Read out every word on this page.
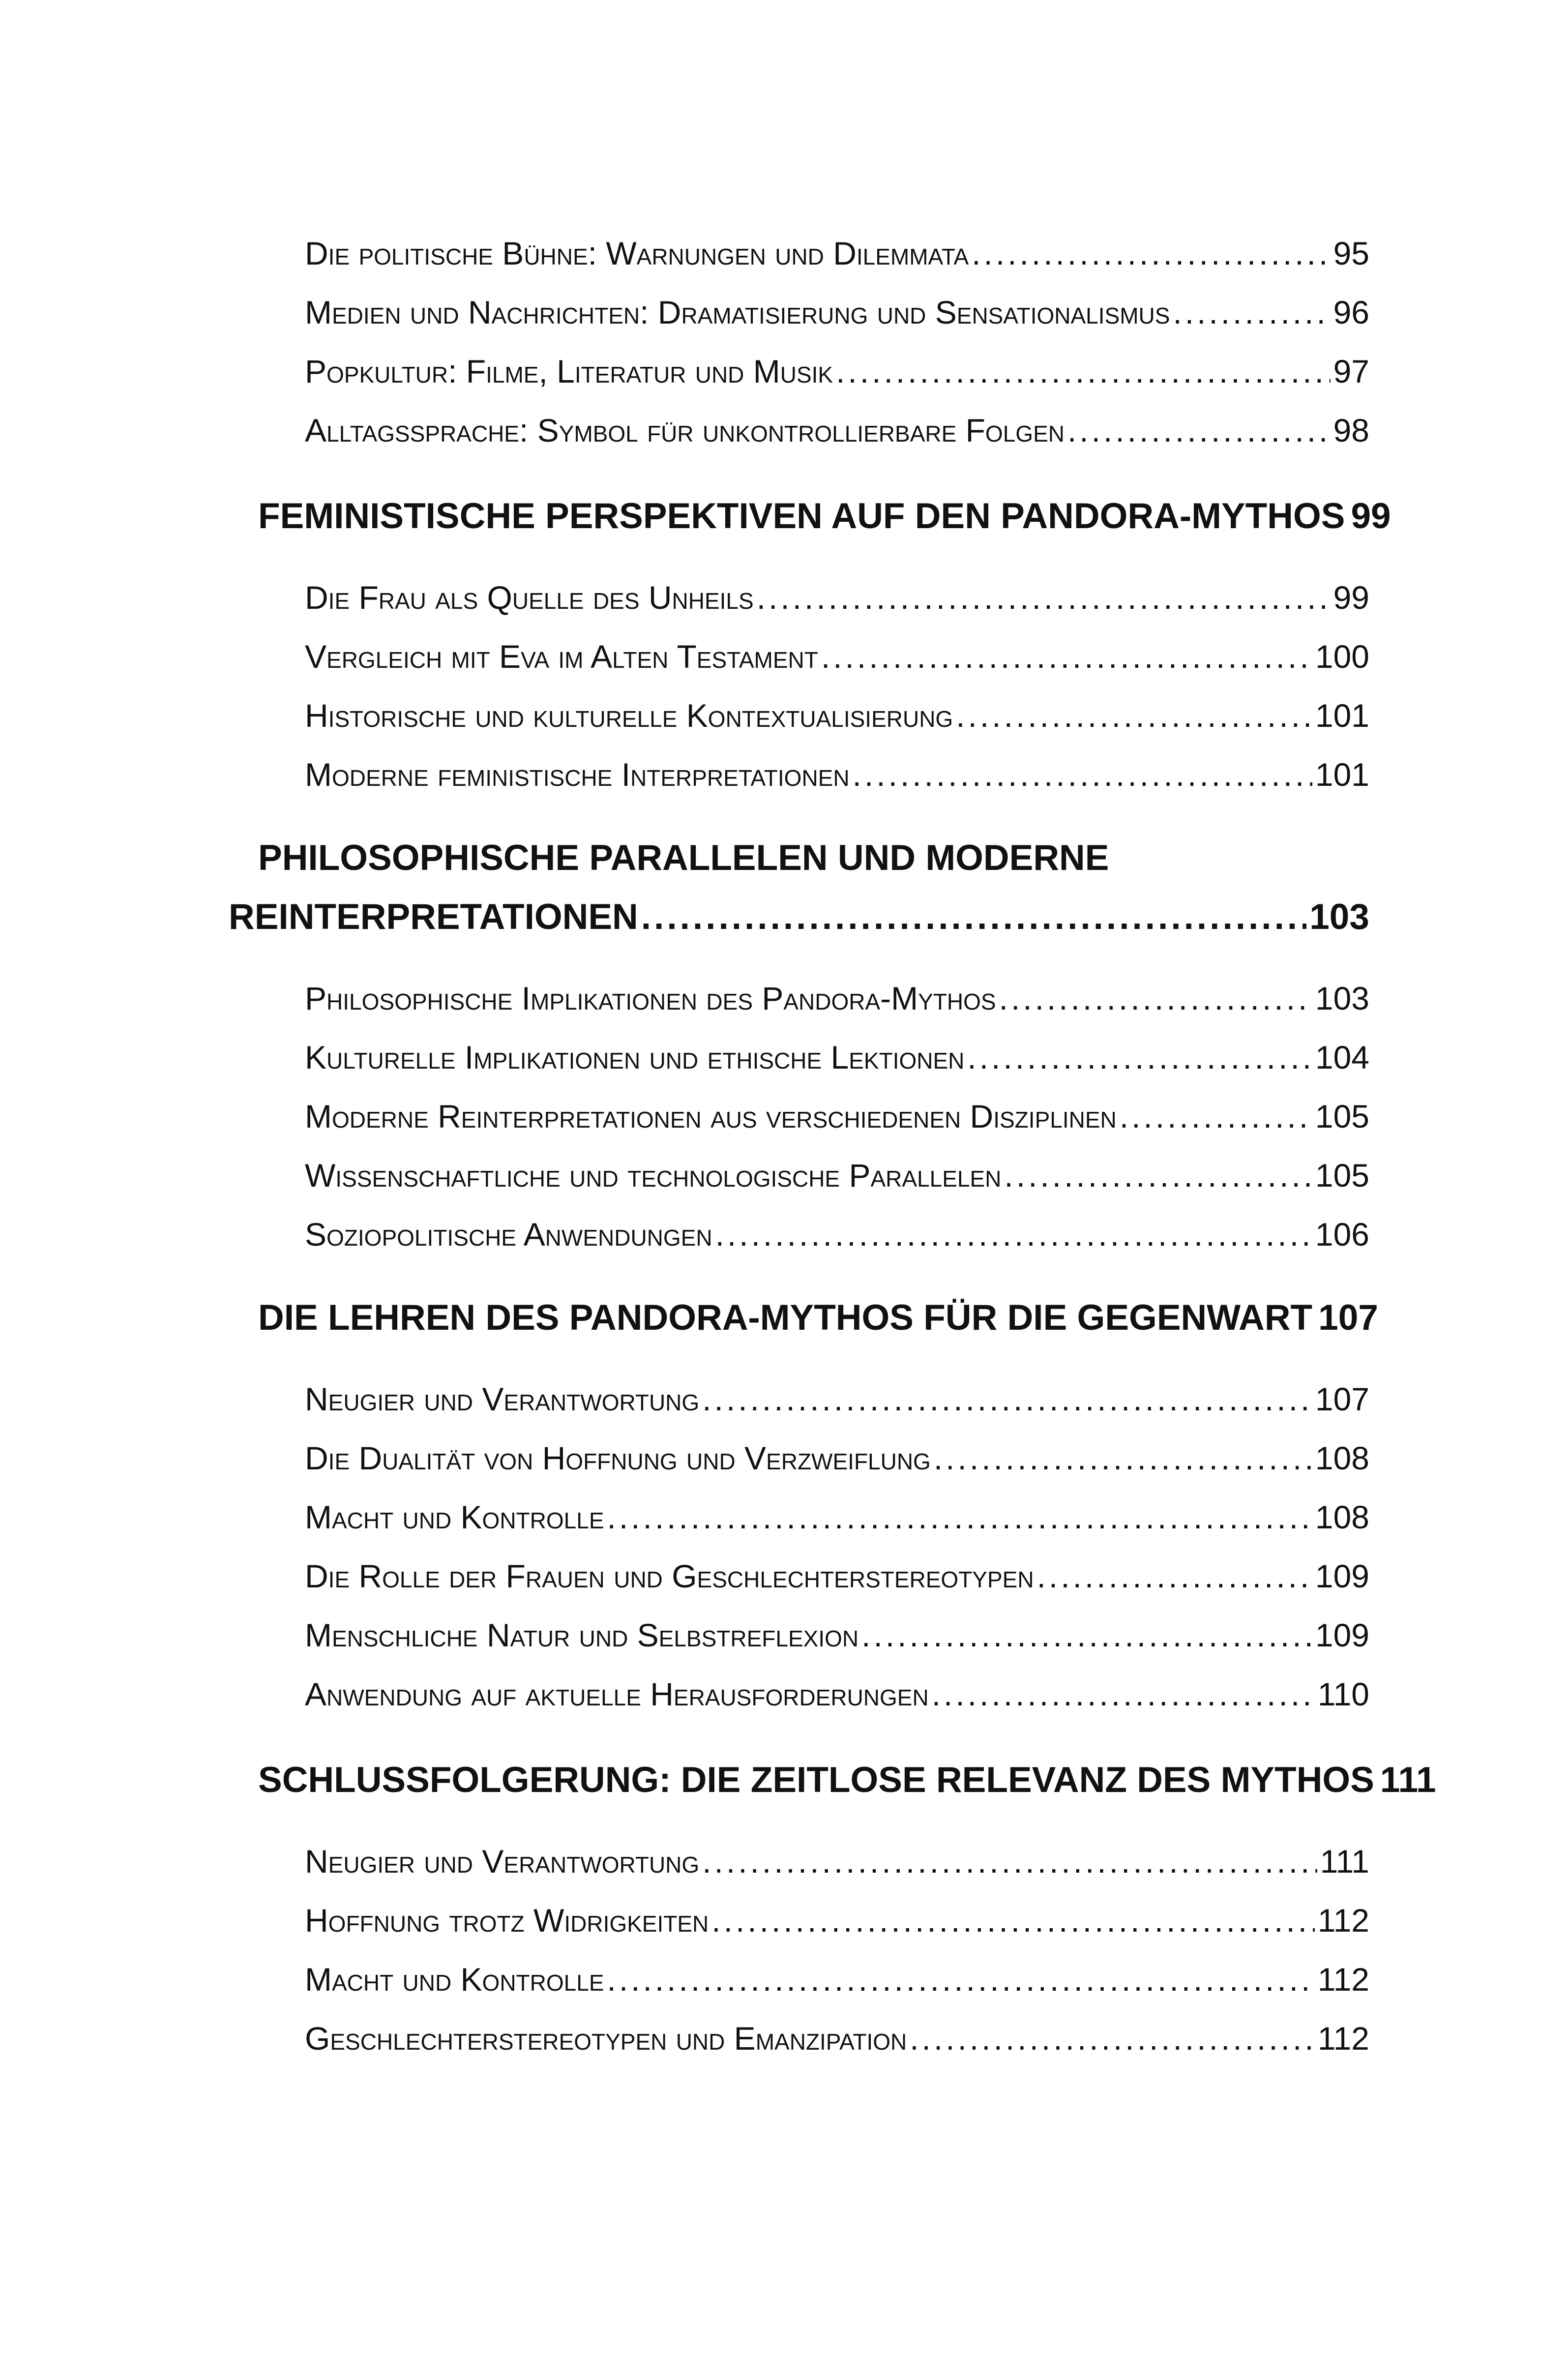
Die politische Bühne: Warnungen und Dilemmata .....	95
Medien und Nachrichten: Dramatisierung und Sensationalismus .....	96
Popkultur: Filme, Literatur und Musik .....	97
Alltagssprache: Symbol für unkontrollierbare Folgen .....	98
FEMINISTISCHE PERSPEKTIVEN AUF DEN PANDORA-MYTHOS 99
Die Frau als Quelle des Unheils .....	99
Vergleich mit Eva im Alten Testament .....	100
Historische und kulturelle Kontextualisierung .....	101
Moderne feministische Interpretationen .....	101
PHILOSOPHISCHE PARALLELEN UND MODERNE
REINTERPRETATIONEN .....	103
Philosophische Implikationen des Pandora-Mythos .....	103
Kulturelle Implikationen und ethische Lektionen .....	104
Moderne Reinterpretationen aus verschiedenen Disziplinen .....	105
Wissenschaftliche und technologische Parallelen .....	105
Soziopolitische Anwendungen .....	106
DIE LEHREN DES PANDORA-MYTHOS FÜR DIE GEGENWART 107
Neugier und Verantwortung .....	107
Die Dualität von Hoffnung und Verzweiflung .....	108
Macht und Kontrolle .....	108
Die Rolle der Frauen und Geschlechterstereotypen .....	109
Menschliche Natur und Selbstreflexion .....	109
Anwendung auf aktuelle Herausforderungen .....	110
SCHLUSSFOLGERUNG: DIE ZEITLOSE RELEVANZ DES MYTHOS 111
Neugier und Verantwortung .....	111
Hoffnung trotz Widrigkeiten .....	112
Macht und Kontrolle .....	112
Geschlechterstereotypen und Emanzipation .....	112
